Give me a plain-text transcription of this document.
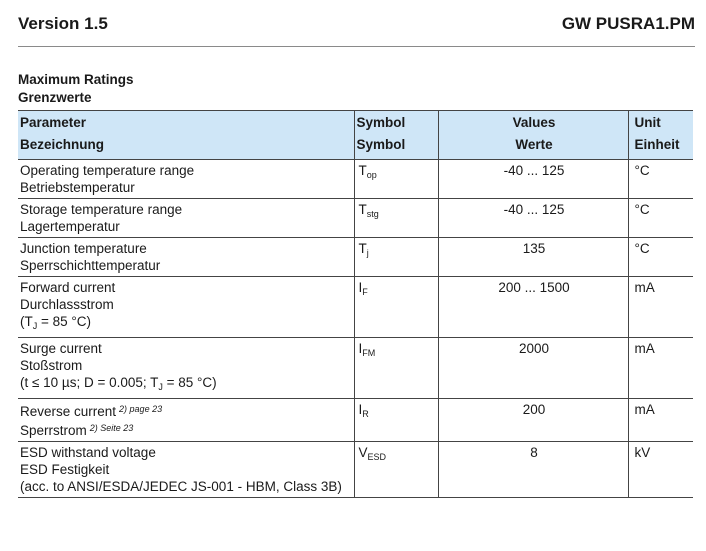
Version 1.5	GW PUSRA1.PM
Maximum Ratings
Grenzwerte
Parameter	Symbol	Values	Unit
Bezeichnung	Symbol	Werte	Einheit

Operating temperature range
Betriebstemperatur	$T_{op}$	-40 ... 125	°C

Storage temperature range
Lagertemperatur	$T_{stg}$	-40 ... 125	°C

Junction temperature
Sperrschichttemperatur	$T_j$	135	°C

Forward current
Durchlassstrom
($T_J = 85$ °C)	$I_F$	200 ... 1500	mA

Surge current
Stoßstrom
(t ≤ 10 µs; D = 0.005; $T_J = 85$ °C)	$I_{FM}$	2000	mA

Reverse current $^{2) page 23}$
Sperrstrom $^{2) Seite 23}$	$I_R$	200	mA

ESD withstand voltage
ESD Festigkeit
(acc. to ANSI/ESDA/JEDEC JS-001 - HBM, Class 3B)	$V_{ESD}$	8	kV
